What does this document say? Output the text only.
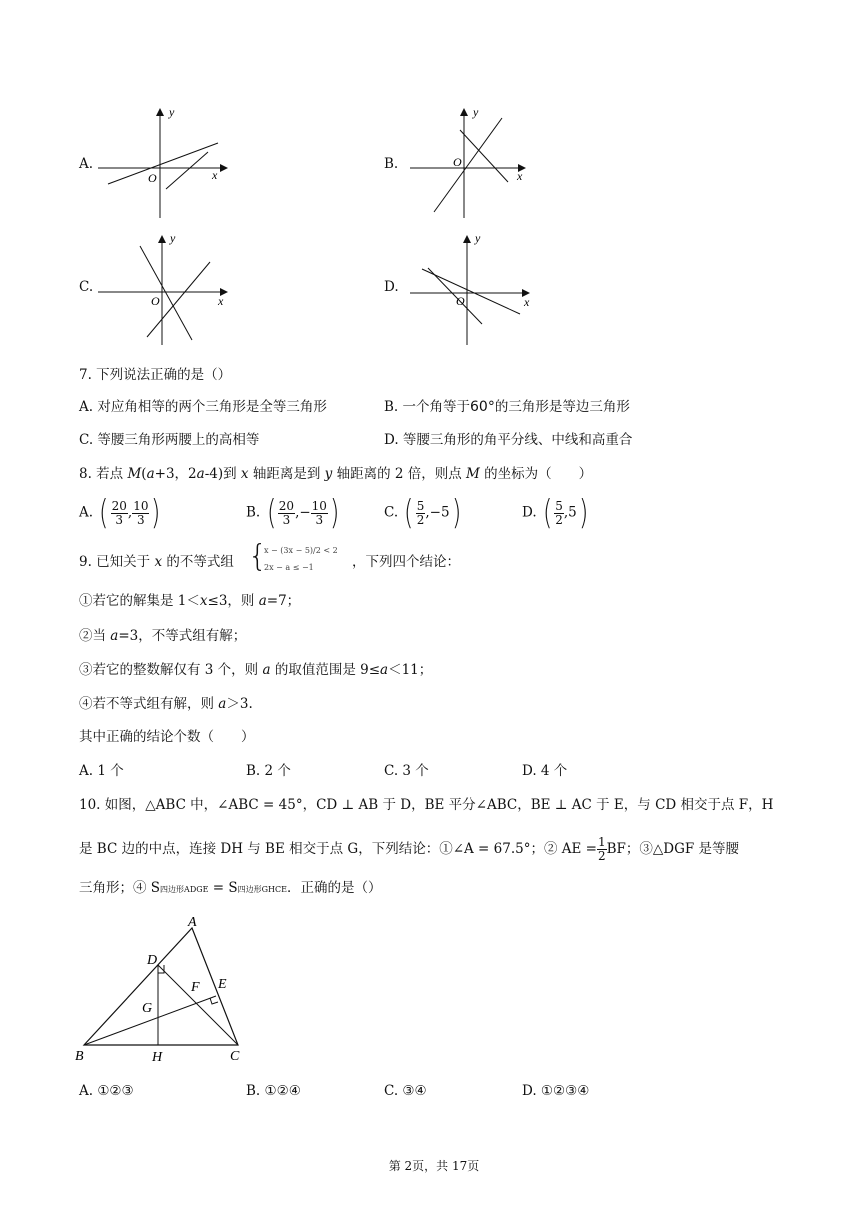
A.
y
x
O
B.
y
x
O
C.
y
x
O
D.
y
x
O
7. 下列说法正确的是（）
A. 对应角相等的两个三角形是全等三角形	B. 一个角等于60°的三角形是等边三角形
C. 等腰三角形两腰上的高相等	D. 等腰三角形的角平分线、中线和高重合
8. 若点 M(a+3，2a-4)到 x 轴距离是到 y 轴距离的 2 倍，则点 M 的坐标为（　　）
A. ( $\frac{20}{3}$ , $\frac{10}{3}$ )	B. ( $\frac{20}{3}$ ,− $\frac{10}{3}$ )	C. ( $\frac{5}{2} ,-5$)	D. ( $\frac{5}{2} ,5$)
9. 已知关于 x 的不等式组 {
x − (3x − 5)/2 < 2
2x − a ≤ −1	，下列四个结论：
①若它的解集是 1＜x≤3，则 a=7；
②当 a=3，不等式组有解；
③若它的整数解仅有 3 个，则 a 的取值范围是 9≤a＜11；
④若不等式组有解，则 a＞3.
其中正确的结论个数（　　）
A. 1 个	B. 2 个	C. 3 个	D. 4 个
10. 如图，△ABC 中，∠ABC = 45°，CD ⊥ AB 于 D，BE 平分∠ABC，BE ⊥ AC 于 E，与 CD 相交于点 F，H
是 BC 边的中点，连接 DH 与 BE 相交于点 G，下列结论：①∠A = 67.5°；② AE = $\frac{1}{2}$ BF；③△DGF 是等腰
三角形；④ S四边形ADGE = S四边形GHCE．正确的是（）
A
B	C
D
E
F
G
H
A. ①②③	B. ①②④	C. ③④	D. ①②③④
第 2页，共 17页
